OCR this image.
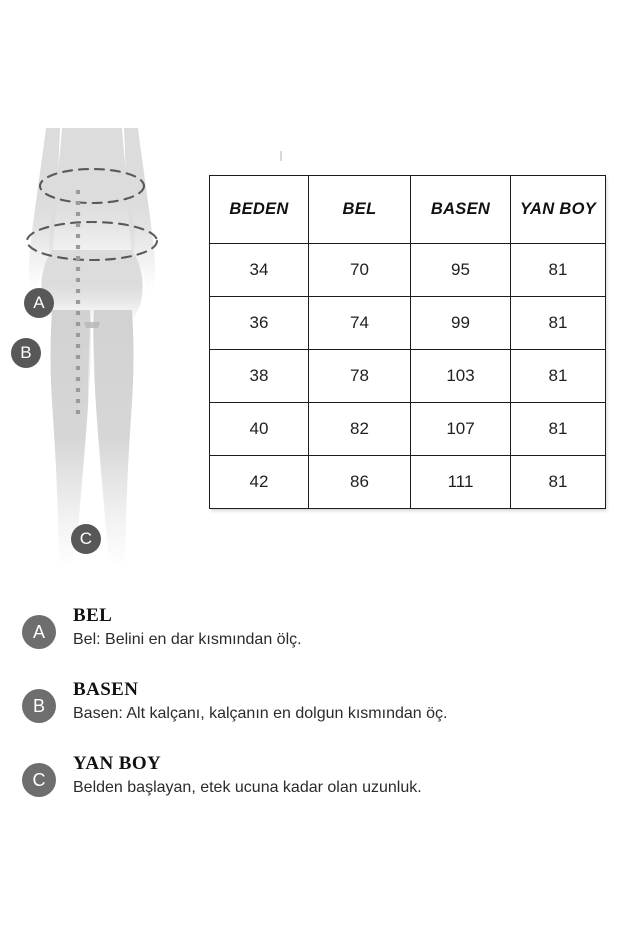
A
B
C
BEDEN	BEL	BASEN	YAN BOY
34	70	95	81
36	74	99	81
38	78	103	81
40	82	107	81
42	86	111	81
A

BEL

Bel: Belini en dar kısmından ölç.

B

BASEN

Basen: Alt kalçanı, kalçanın en dolgun kısmından öç.

C

YAN BOY

Belden başlayan, etek ucuna kadar olan uzunluk.
